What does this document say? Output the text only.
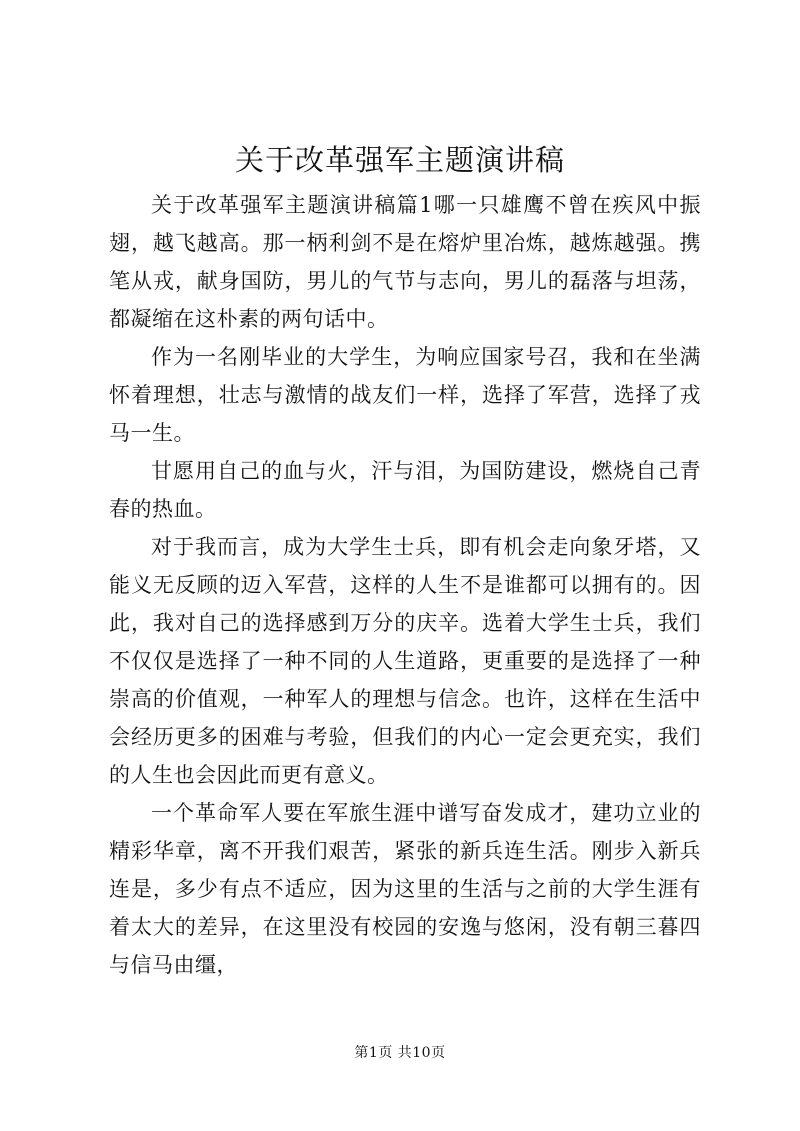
关于改革强军主题演讲稿

关于改革强军主题演讲稿篇1哪一只雄鹰不曾在疾风中振翅，越飞越高。那一柄利剑不是在熔炉里冶炼，越炼越强。携笔从戎，献身国防，男儿的气节与志向，男儿的磊落与坦荡，都凝缩在这朴素的两句话中。

作为一名刚毕业的大学生，为响应国家号召，我和在坐满怀着理想，壮志与激情的战友们一样，选择了军营，选择了戎马一生。

甘愿用自己的血与火，汗与泪，为国防建设，燃烧自己青春的热血。

对于我而言，成为大学生士兵，即有机会走向象牙塔，又能义无反顾的迈入军营，这样的人生不是谁都可以拥有的。因此，我对自己的选择感到万分的庆辛。选着大学生士兵，我们不仅仅是选择了一种不同的人生道路，更重要的是选择了一种崇高的价值观，一种军人的理想与信念。也许，这样在生活中会经历更多的困难与考验，但我们的内心一定会更充实，我们的人生也会因此而更有意义。

一个革命军人要在军旅生涯中谱写奋发成才，建功立业的精彩华章，离不开我们艰苦，紧张的新兵连生活。刚步入新兵连是，多少有点不适应，因为这里的生活与之前的大学生涯有着太大的差异，在这里没有校园的安逸与悠闲，没有朝三暮四与信马由缰，

第1页 共10页
